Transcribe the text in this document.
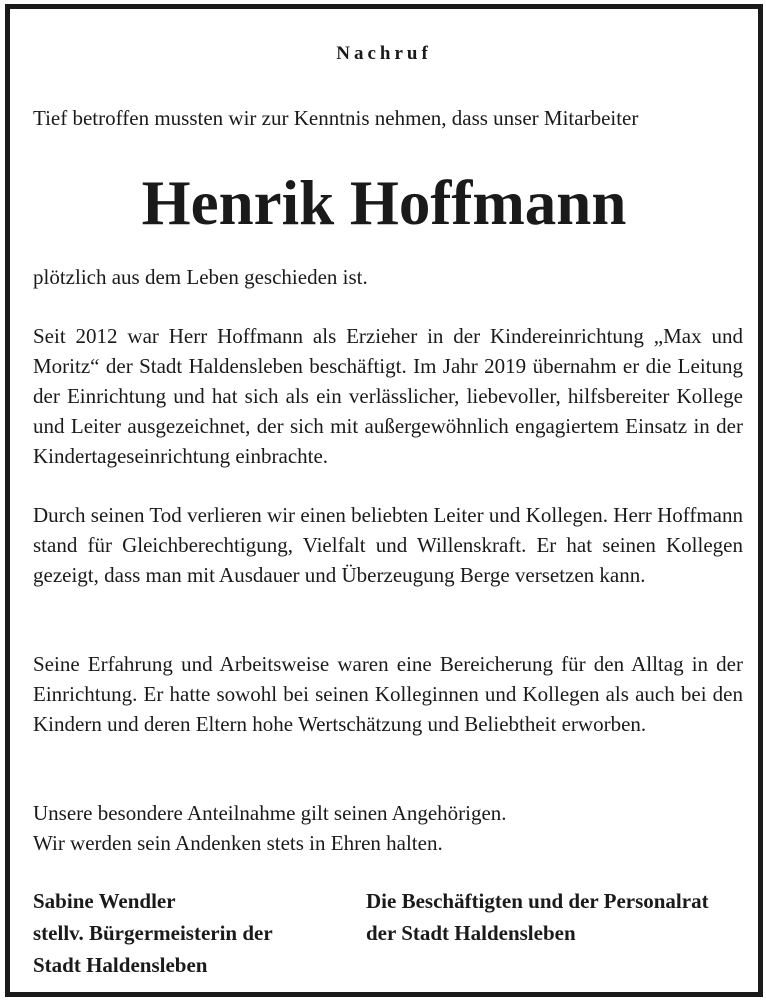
Nachruf

Tief betroffen mussten wir zur Kenntnis nehmen, dass unser Mitarbeiter

Henrik Hoffmann

plötzlich aus dem Leben geschieden ist.

Seit 2012 war Herr Hoffmann als Erzieher in der Kindereinrichtung „Max und Moritz“ der Stadt Haldensleben beschäftigt. Im Jahr 2019 übernahm er die Leitung der Einrichtung und hat sich als ein verlässlicher, liebevoller, hilfsbereiter Kollege und Leiter ausgezeichnet, der sich mit außergewöhnlich engagiertem Einsatz in der Kindertageseinrichtung einbrachte.

Durch seinen Tod verlieren wir einen beliebten Leiter und Kollegen. Herr Hoffmann stand für Gleichberechtigung, Vielfalt und Willenskraft. Er hat seinen Kollegen gezeigt, dass man mit Ausdauer und Überzeugung Berge versetzen kann.

Seine Erfahrung und Arbeitsweise waren eine Bereicherung für den Alltag in der Einrichtung. Er hatte sowohl bei seinen Kolleginnen und Kollegen als auch bei den Kindern und deren Eltern hohe Wertschätzung und Beliebtheit erworben.

Unsere besondere Anteilnahme gilt seinen Angehörigen.
Wir werden sein Andenken stets in Ehren halten.

Sabine Wendler
stellv. Bürgermeisterin der
Stadt Haldensleben
Die Beschäftigten und der Personalrat
der Stadt Haldensleben
